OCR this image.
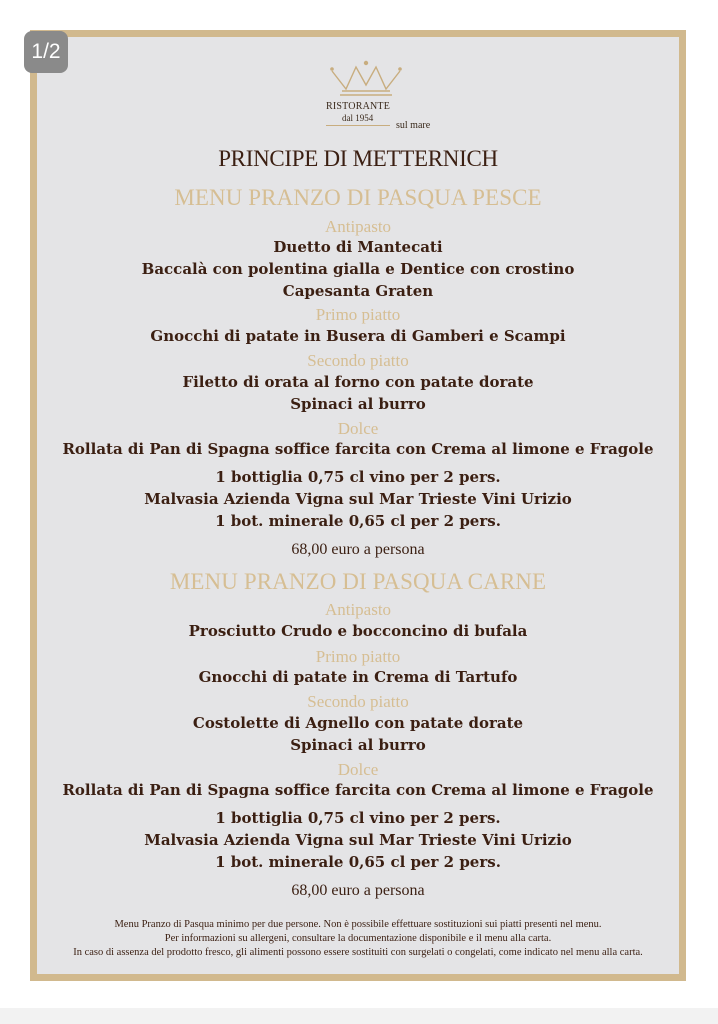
1/2
RISTORANTE
dal 1954
sul mare
PRINCIPE DI METTERNICH
MENU PRANZO DI PASQUA PESCE
Antipasto
Duetto di Mantecati
Baccalà con polentina gialla e Dentice con crostino
Capesanta Graten
Primo piatto
Gnocchi di patate in Busera di Gamberi e Scampi
Secondo piatto
Filetto di orata al forno con patate dorate
Spinaci al burro
Dolce
Rollata di Pan di Spagna soffice farcita con Crema al limone e Fragole
1 bottiglia 0,75 cl vino per 2 pers.
Malvasia Azienda Vigna sul Mar Trieste Vini Urizio
1 bot. minerale 0,65 cl per 2 pers.
68,00 euro a persona
MENU PRANZO DI PASQUA CARNE
Antipasto
Prosciutto Crudo e bocconcino di bufala
Primo piatto
Gnocchi di patate in Crema di Tartufo
Secondo piatto
Costolette di Agnello con patate dorate
Spinaci al burro
Dolce
Rollata di Pan di Spagna soffice farcita con Crema al limone e Fragole
1 bottiglia 0,75 cl vino per 2 pers.
Malvasia Azienda Vigna sul Mar Trieste Vini Urizio
1 bot. minerale 0,65 cl per 2 pers.
68,00 euro a persona
Menu Pranzo di Pasqua minimo per due persone. Non è possibile effettuare sostituzioni sui piatti presenti nel menu.
Per informazioni su allergeni, consultare la documentazione disponibile e il menu alla carta.
In caso di assenza del prodotto fresco, gli alimenti possono essere sostituiti con surgelati o congelati, come indicato nel menu alla carta.
